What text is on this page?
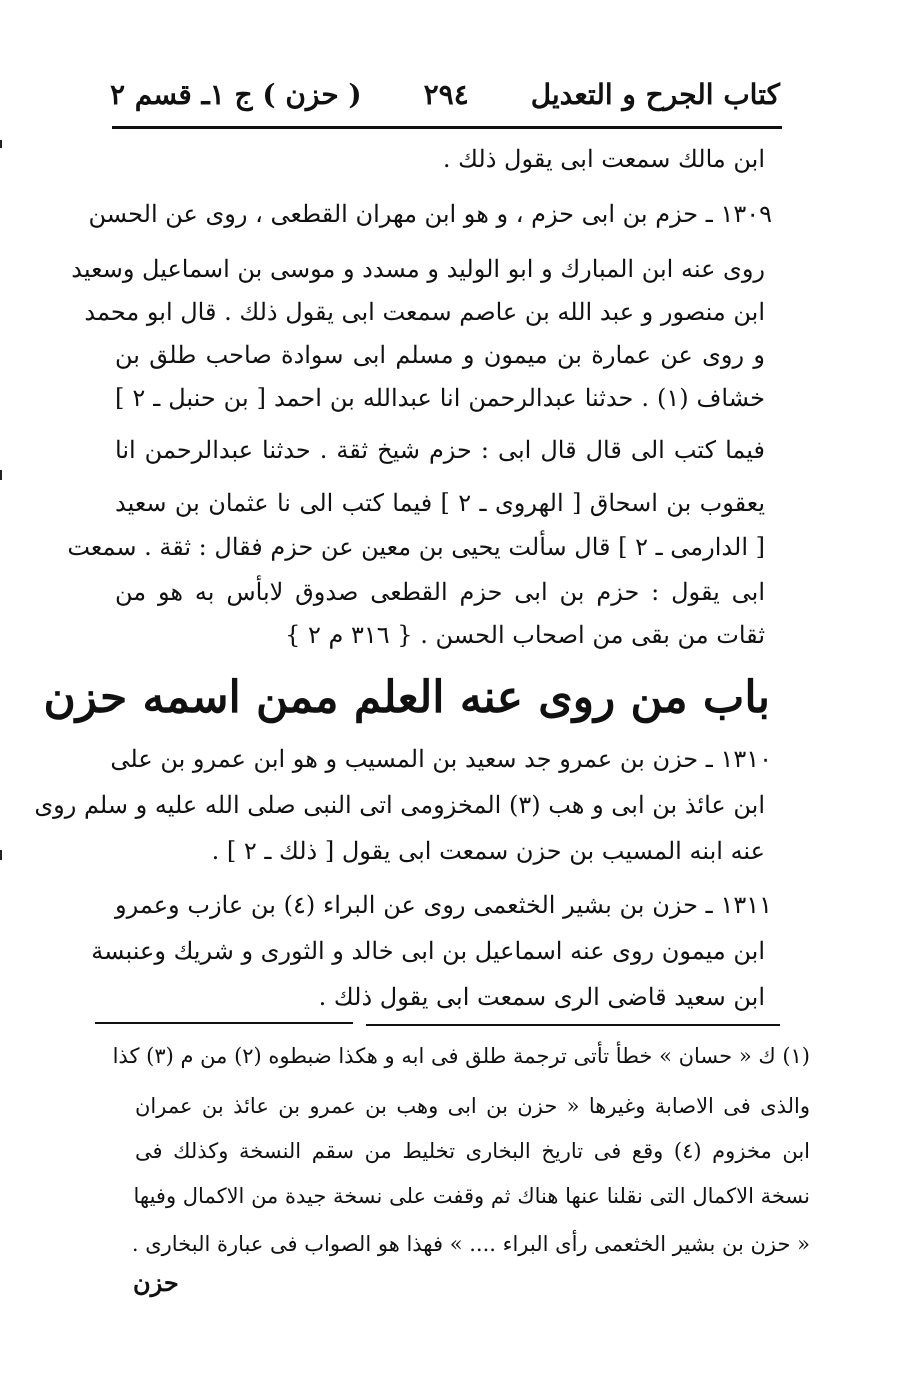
كتاب الجرح و التعديل
٢٩٤
( حزن ) ج ١ـ قسم ٢
ابن مالك سمعت ابى يقول ذلك .
١٣٠٩ ـ حزم بن ابى حزم ، و هو ابن مهران القطعى ، روى عن الحسن
روى عنه ابن المبارك و ابو الوليد و مسدد و موسى بن اسماعيل وسعيد
ابن منصور و عبد الله بن عاصم سمعت ابى يقول ذلك . قال ابو محمد
و روى عن عمارة بن ميمون و مسلم ابى سوادة صاحب طلق بن
خشاف (١) . حدثنا عبدالرحمن انا عبدالله بن احمد [ بن حنبل ـ ٢ ]
فيما كتب الى قال قال ابى : حزم شيخ ثقة . حدثنا عبدالرحمن انا
يعقوب بن اسحاق [ الهروى ـ ٢ ] فيما كتب الى نا عثمان بن سعيد
[ الدارمى ـ ٢ ] قال سألت يحيى بن معين عن حزم فقال : ثقة . سمعت
ابى يقول : حزم بن ابى حزم القطعى صدوق لابأس به هو من
ثقات من بقى من اصحاب الحسن . { ٣١٦ م ٢ }
باب من روى عنه العلم ممن اسمه حزن
١٣١٠ ـ حزن بن عمرو جد سعيد بن المسيب و هو ابن عمرو بن على
ابن عائذ بن ابى و هب (٣) المخزومى اتى النبى صلى الله عليه و سلم روى
عنه ابنه المسيب بن حزن سمعت ابى يقول [ ذلك ـ ٢ ] .
١٣١١ ـ حزن بن بشير الخثعمى روى عن البراء (٤) بن عازب وعمرو
ابن ميمون روى عنه اسماعيل بن ابى خالد و الثورى و شريك وعنبسة
ابن سعيد قاضى الرى سمعت ابى يقول ذلك .
(١) ك « حسان » خطأ تأتى ترجمة طلق فى ابه و هكذا ضبطوه (٢) من م (٣) كذا
والذى فى الاصابة وغيرها « حزن بن ابى وهب بن عمرو بن عائذ بن عمران
ابن مخزوم (٤) وقع فى تاريخ البخارى تخليط من سقم النسخة وكذلك فى
نسخة الاكمال التى نقلنا عنها هناك ثم وقفت على نسخة جيدة من الاكمال وفيها
« حزن بن بشير الخثعمى رأى البراء .... » فهذا هو الصواب فى عبارة البخارى .
حزن
